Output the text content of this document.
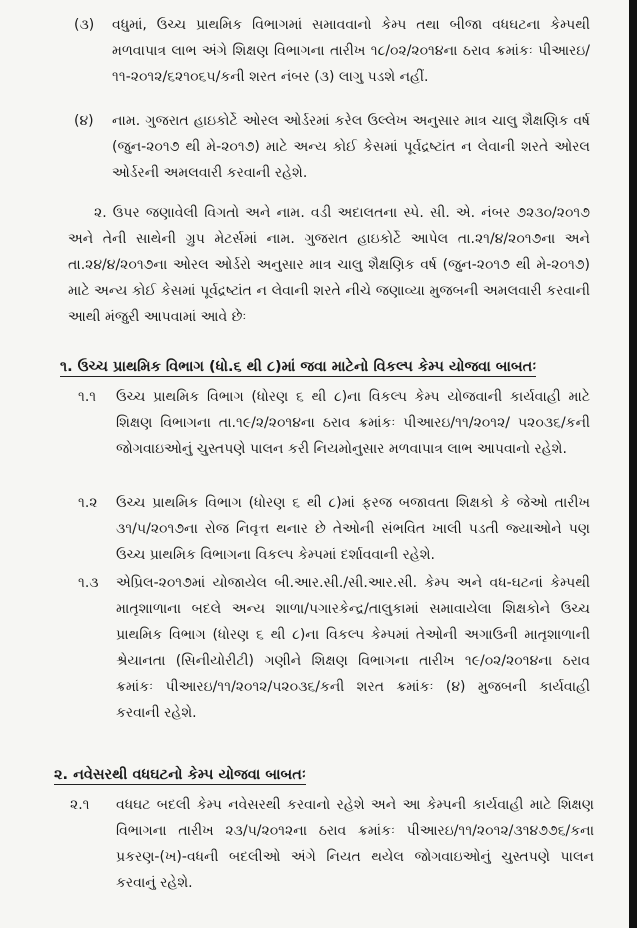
(૩) વધુમાં, ઉચ્ચ પ્રાથમિક વિભાગમાં સમાવવાનો કેમ્પ તથા બીજા વધઘટના કેમ્પથી મળવાપાત્ર લાભ અંગે શિક્ષણ વિભાગના તારીખ ૧૮/૦૨/૨૦૧૪ના ઠરાવ ક્રમાંકઃ પીઆરઇ/૧૧-૨૦૧૨/૬૨૧૦૬૫/કની શરત નંબર (૩) લાગુ પડશે નહીં.

(૪) નામ. ગુજરાત હાઇકોર્ટે ઓરલ ઓર્ડરમાં કરેલ ઉલ્લેખ અનુસાર માત્ર ચાલુ શૈક્ષણિક વર્ષ (જુન-૨૦૧૭ થી મે-૨૦૧૭) માટે અન્ય કોઈ કેસમાં પૂર્વદ્રષ્ટાંત ન લેવાની શરતે ઓરલ ઓર્ડરની અમલવારી કરવાની રહેશે.

૨. ઉપર જણાવેલી વિગતો અને નામ. વડી અદાલતના સ્પે. સી. એ. નંબર ૭૨૩૦/૨૦૧૭ અને તેની સાથેની ગ્રુપ મેટર્સમાં નામ. ગુજરાત હાઇકોર્ટે આપેલ તા.૨૧/૪/૨૦૧૭ના અને તા.૨૪/૪/૨૦૧૭ના ઓરલ ઓર્ડરો અનુસાર માત્ર ચાલુ શૈક્ષણિક વર્ષ (જુન-૨૦૧૭ થી મે-૨૦૧૭) માટે અન્ય કોઈ કેસમાં પૂર્વદ્રષ્ટાંત ન લેવાની શરતે નીચે જણાવ્યા મુજબની અમલવારી કરવાની આથી મંજુરી આપવામાં આવે છેઃ

૧. ઉચ્ચ પ્રાથમિક વિભાગ (ધો.૬ થી ૮)માં જવા માટેનો વિકલ્પ કેમ્પ યોજવા બાબતઃ

૧.૧ ઉચ્ચ પ્રાથમિક વિભાગ (ધોરણ ૬ થી ૮)ના વિકલ્પ કેમ્પ યોજવાની કાર્યવાહી માટે શિક્ષણ વિભાગના તા.૧૯/૨/૨૦૧૪ના ઠરાવ ક્રમાંકઃ પીઆરઇ/૧૧/૨૦૧૨/ ૫૨૦૩૬/કની જોગવાઇઓનું ચુસ્તપણે પાલન કરી નિયમોનુસાર મળવાપાત્ર લાભ આપવાનો રહેશે.

૧.૨ ઉચ્ચ પ્રાથમિક વિભાગ (ધોરણ ૬ થી ૮)માં ફરજ બજાવતા શિક્ષકો કે જેઓ તારીખ ૩૧/૫/૨૦૧૭ના રોજ નિવૃત્ત થનાર છે તેઓની સંભવિત ખાલી પડતી જ્યાઓને પણ ઉચ્ચ પ્રાથમિક વિભાગના વિકલ્પ કેમ્પમાં દર્શાવવાની રહેશે.

૧.૩ એપ્રિલ-૨૦૧૭માં યોજાયેલ બી.આર.સી./સી.આર.સી. કેમ્પ અને વધ-ઘટનાં કેમ્પથી માતૃશાળાના બદલે અન્ય શાળા/પગારકેન્દ્ર/તાલુકામાં સમાવાયેલા શિક્ષકોને ઉચ્ચ પ્રાથમિક વિભાગ (ધોરણ ૬ થી ૮)ના વિકલ્પ કેમ્પમાં તેઓની અગાઉની માતૃશાળાની શ્રેયાનતા (સિનીયોરીટી) ગણીને શિક્ષણ વિભાગના તારીખ ૧૯/૦૨/૨૦૧૪ના ઠરાવ ક્રમાંકઃ પીઆરઇ/૧૧/૨૦૧૨/૫૨૦૩૬/કની શરત ક્રમાંકઃ (૪) મુજબની કાર્યવાહી કરવાની રહેશે.

૨. નવેસરથી વધઘટનો કેમ્પ યોજવા બાબતઃ

૨.૧ વધઘટ બદલી કેમ્પ નવેસરથી કરવાનો રહેશે અને આ કેમ્પની કાર્યવાહી માટે શિક્ષણ વિભાગના તારીખ ૨૩/૫/૨૦૧૨ના ઠરાવ ક્રમાંકઃ પીઆરઇ/૧૧/૨૦૧૨/૩૧૪૭૭૬/કના પ્રકરણ-(ખ)-વધની બદલીઓ અંગે નિયત થયેલ જોગવાઇઓનું ચુસ્તપણે પાલન કરવાનું રહેશે.
